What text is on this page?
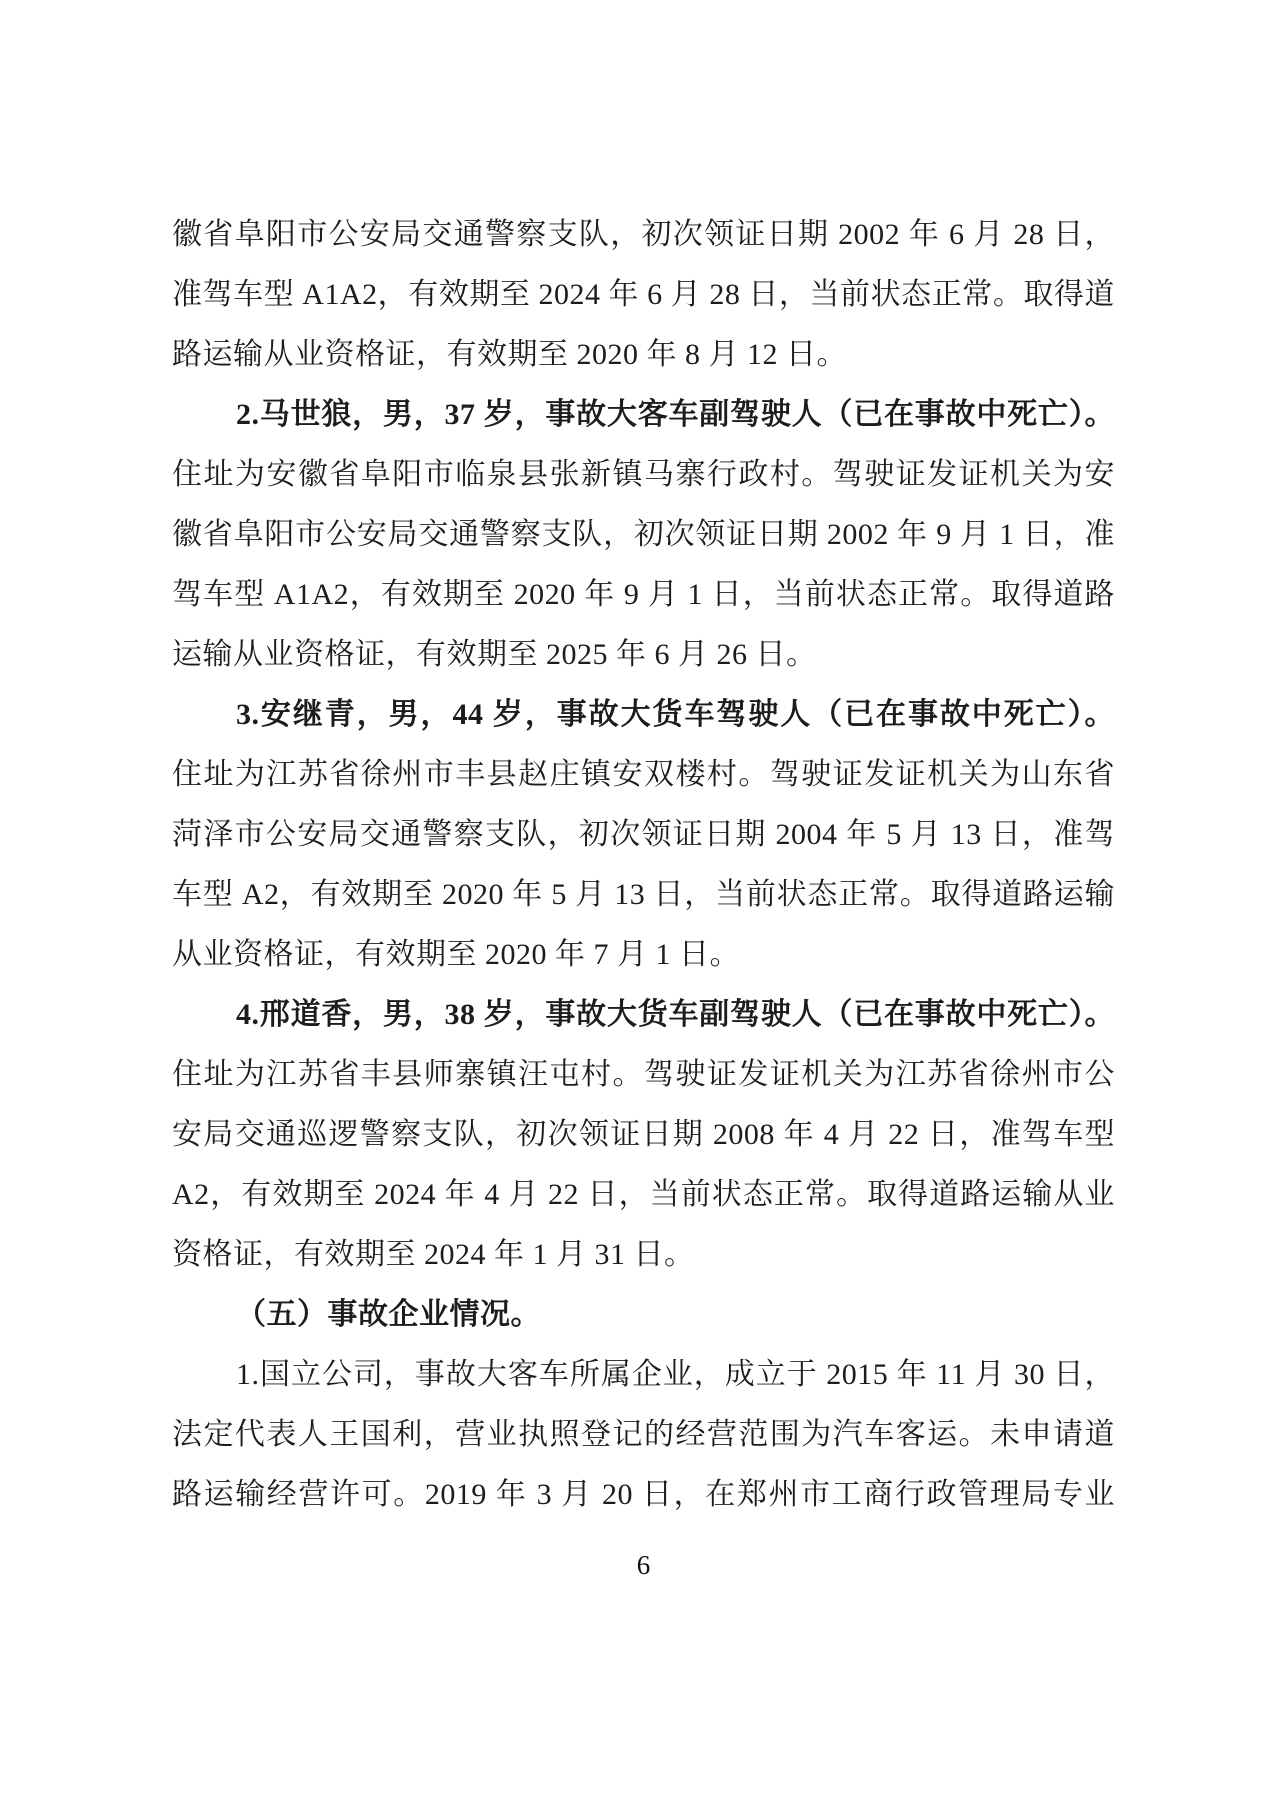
徽省阜阳市公安局交通警察支队，初次领证日期 2002 年 6 月 28 日，
准驾车型 A1A2，有效期至 2024 年 6 月 28 日，当前状态正常。取得道
路运输从业资格证，有效期至 2020 年 8 月 12 日。
2.马世狼，男，37 岁，事故大客车副驾驶人（已在事故中死亡）。
住址为安徽省阜阳市临泉县张新镇马寨行政村。驾驶证发证机关为安
徽省阜阳市公安局交通警察支队，初次领证日期 2002 年 9 月 1 日，准
驾车型 A1A2，有效期至 2020 年 9 月 1 日，当前状态正常。取得道路
运输从业资格证，有效期至 2025 年 6 月 26 日。
3.安继青，男，44 岁，事故大货车驾驶人（已在事故中死亡）。
住址为江苏省徐州市丰县赵庄镇安双楼村。驾驶证发证机关为山东省
菏泽市公安局交通警察支队，初次领证日期 2004 年 5 月 13 日，准驾
车型 A2，有效期至 2020 年 5 月 13 日，当前状态正常。取得道路运输
从业资格证，有效期至 2020 年 7 月 1 日。
4.邢道香，男，38 岁，事故大货车副驾驶人（已在事故中死亡）。
住址为江苏省丰县师寨镇汪屯村。驾驶证发证机关为江苏省徐州市公
安局交通巡逻警察支队，初次领证日期 2008 年 4 月 22 日，准驾车型
A2，有效期至 2024 年 4 月 22 日，当前状态正常。取得道路运输从业
资格证，有效期至 2024 年 1 月 31 日。
（五）事故企业情况。
1.国立公司，事故大客车所属企业，成立于 2015 年 11 月 30 日，
法定代表人王国利，营业执照登记的经营范围为汽车客运。未申请道
路运输经营许可。2019 年 3 月 20 日，在郑州市工商行政管理局专业
6
